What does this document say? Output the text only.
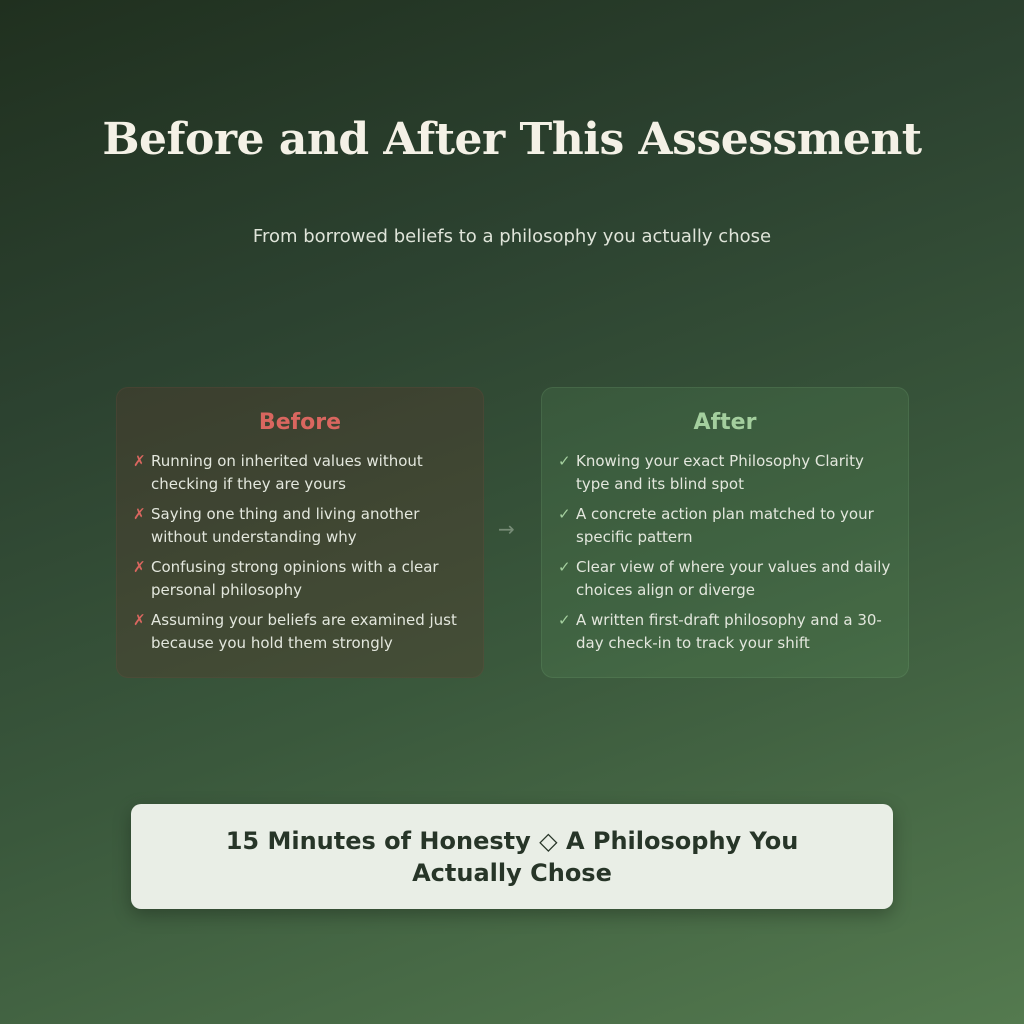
Before and After This Assessment
From borrowed beliefs to a philosophy you actually chose
Before
✗ Running on inherited values without checking if they are yours
✗ Saying one thing and living another without understanding why
✗ Confusing strong opinions with a clear personal philosophy
✗ Assuming your beliefs are examined just because you hold them strongly
→
After
✓ Knowing your exact Philosophy Clarity type and its blind spot
✓ A concrete action plan matched to your specific pattern
✓ Clear view of where your values and daily choices align or diverge
✓ A written first-draft philosophy and a 30-day check-in to track your shift
15 Minutes of Honesty ◇ A Philosophy You Actually Chose
